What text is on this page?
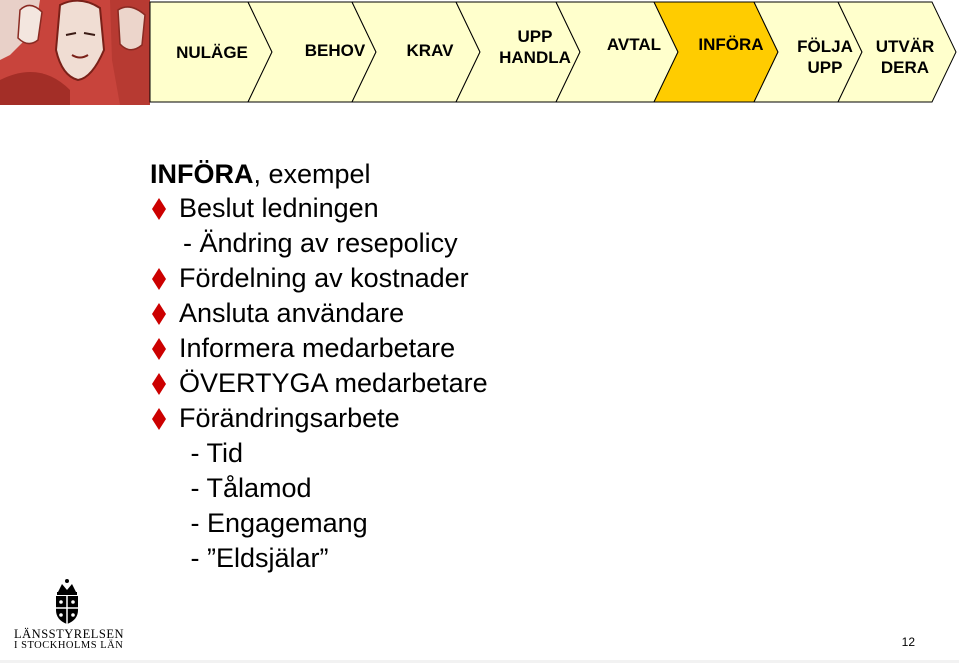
NULÄGE	BEHOV	KRAV
UPP
HANDLA
AVTAL	INFÖRA	FÖLJA
UPP
UTVÄR
DERA
INFÖRA, exempel
Beslut ledningen
- Ändring av resepolicy
Fördelning av kostnader
Ansluta användare
Informera medarbetare
ÖVERTYGA medarbetare
Förändringsarbete
- Tid
- Tålamod
- Engagemang
- ”Eldsjälar”
LÄNSSTYRELSEN
I STOCKHOLMS LÄN	12
